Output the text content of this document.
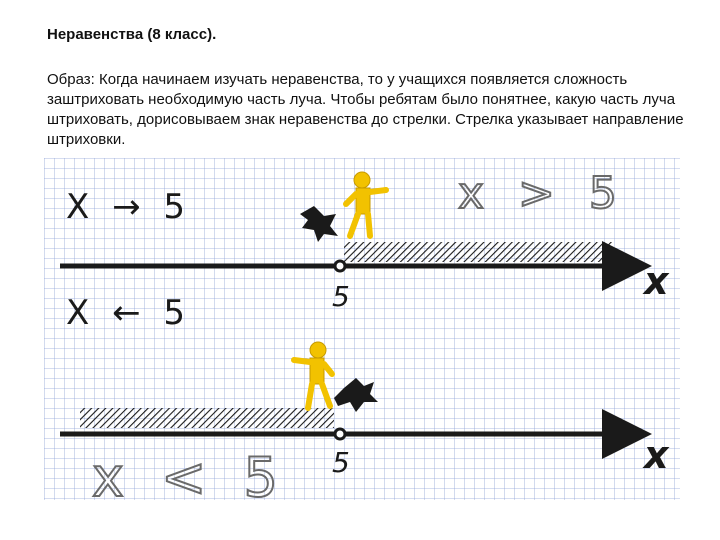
Неравенства (8 класс).

Образ: Когда начинаем изучать неравенства, то у учащихся появляется сложность заштриховать необходимую часть луча. Чтобы ребятам было понятнее, какую часть луча штриховать, дорисовываем знак неравенства до стрелки. Стрелка указывает направление штриховки.

X → 5	x > 5
5	x
X ← 5
5	x
x < 5
